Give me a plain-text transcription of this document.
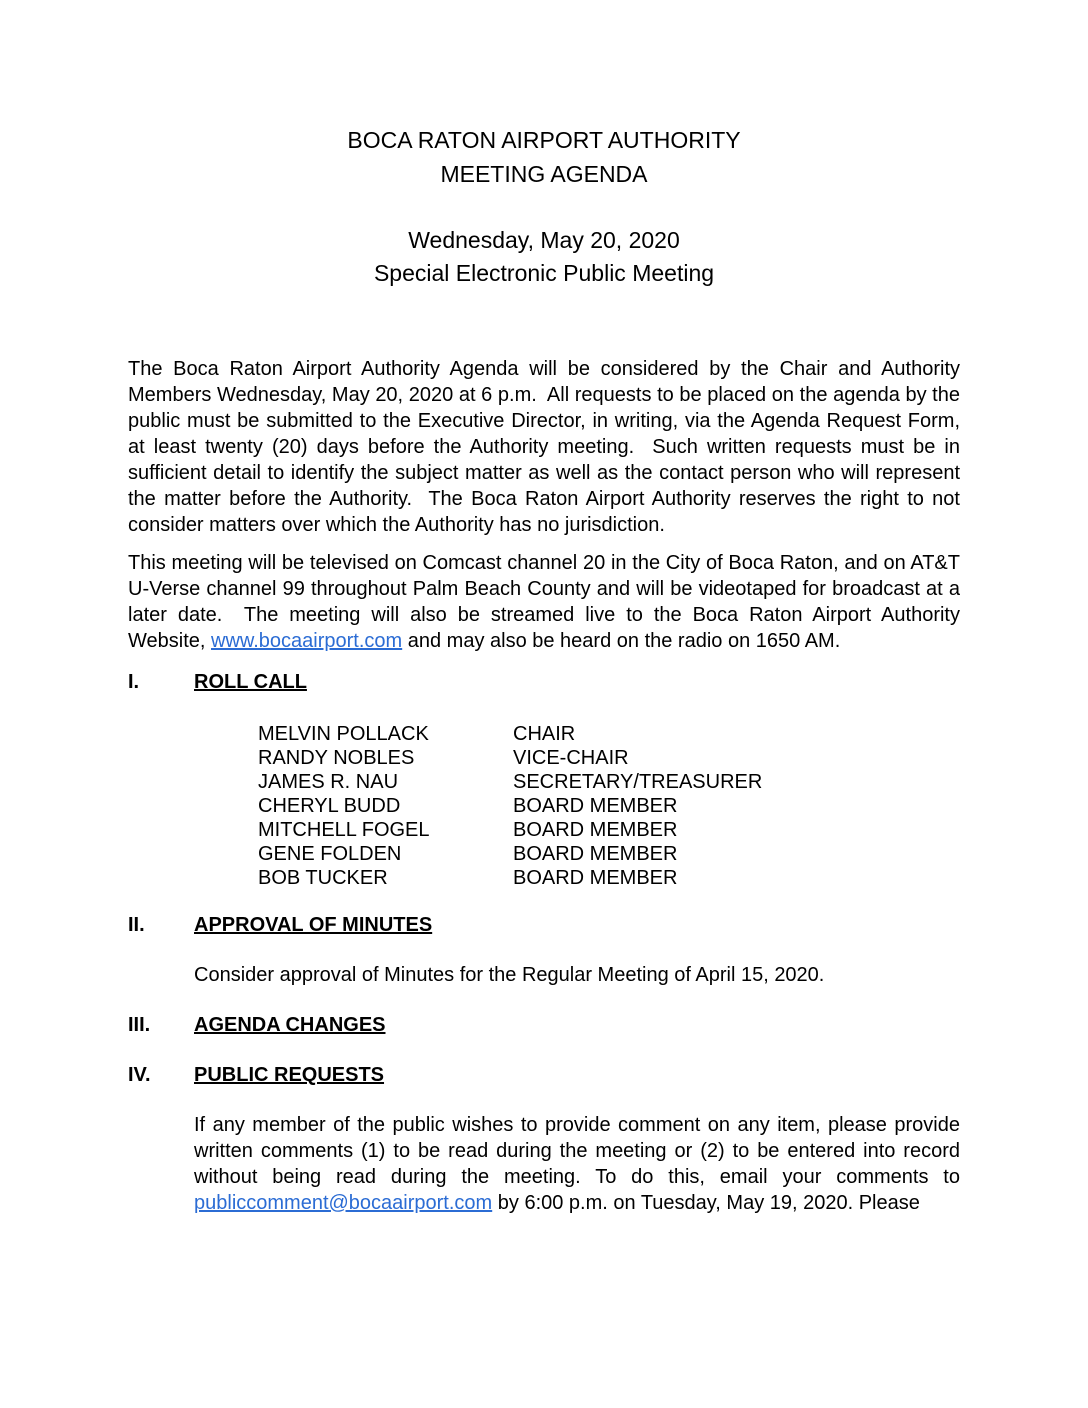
BOCA RATON AIRPORT AUTHORITY
MEETING AGENDA
Wednesday, May 20, 2020
Special Electronic Public Meeting

The Boca Raton Airport Authority Agenda will be considered by the Chair and Authority Members Wednesday, May 20, 2020 at 6 p.m.  All requests to be placed on the agenda by the public must be submitted to the Executive Director, in writing, via the Agenda Request Form, at least twenty (20) days before the Authority meeting.  Such written requests must be in sufficient detail to identify the subject matter as well as the contact person who will represent the matter before the Authority.  The Boca Raton Airport Authority reserves the right to not consider matters over which the Authority has no jurisdiction.

This meeting will be televised on Comcast channel 20 in the City of Boca Raton, and on AT&T U-Verse channel 99 throughout Palm Beach County and will be videotaped for broadcast at a later date.  The meeting will also be streamed live to the Boca Raton Airport Authority Website, www.bocaairport.com and may also be heard on the radio on 1650 AM.

I.	ROLL CALL
MELVIN POLLACK	CHAIR
RANDY NOBLES	VICE-CHAIR
JAMES R. NAU	SECRETARY/TREASURER
CHERYL BUDD	BOARD MEMBER
MITCHELL FOGEL	BOARD MEMBER
GENE FOLDEN	BOARD MEMBER
BOB TUCKER	BOARD MEMBER
II.	APPROVAL OF MINUTES

Consider approval of Minutes for the Regular Meeting of April 15, 2020.

III.	AGENDA CHANGES
IV.	PUBLIC REQUESTS

If any member of the public wishes to provide comment on any item, please provide written comments (1) to be read during the meeting or (2) to be entered into record without being read during the meeting. To do this, email your comments to publiccomment@bocaairport.com by 6:00 p.m. on Tuesday, May 19, 2020. Please
